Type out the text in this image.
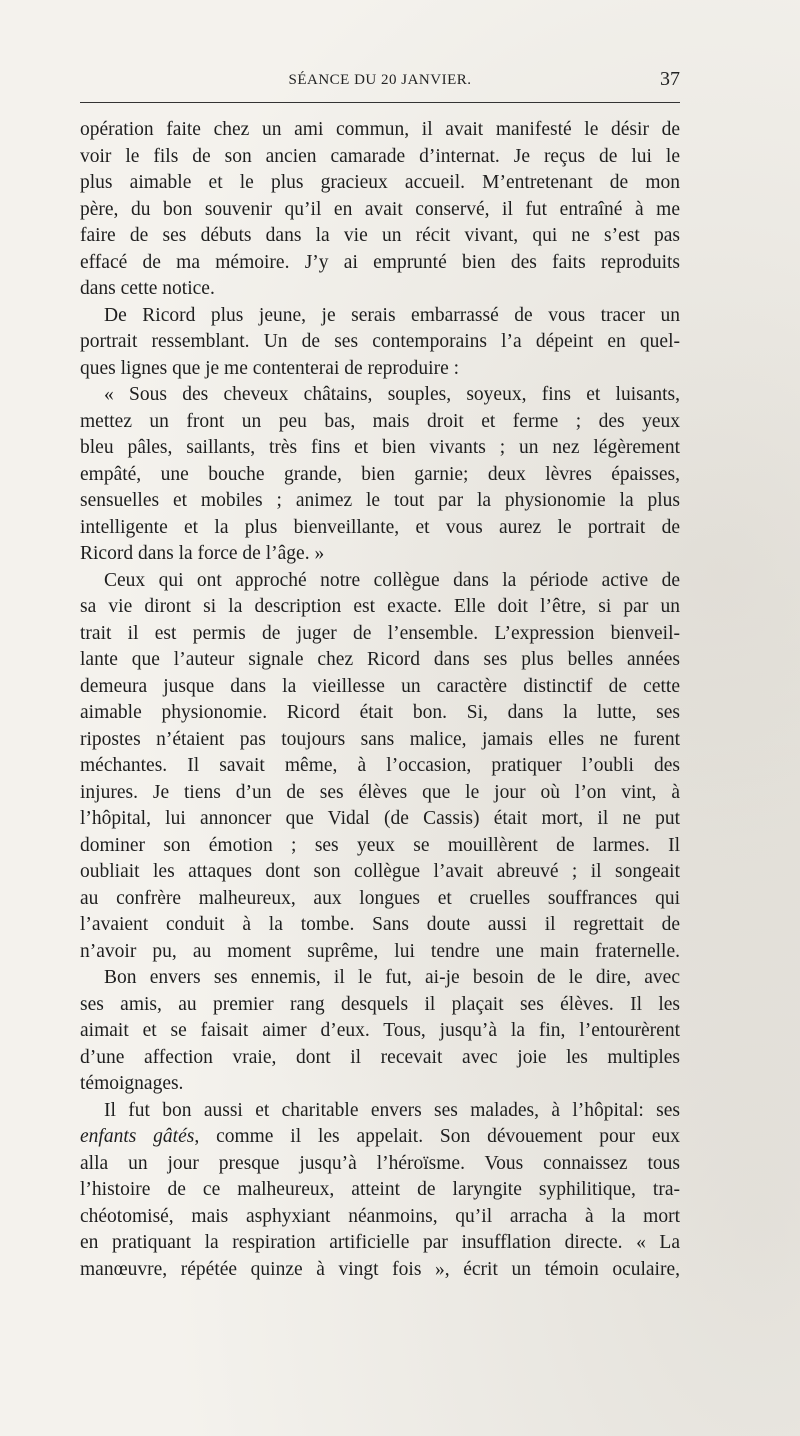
SÉANCE DU 20 JANVIER.	37
opération faite chez un ami commun, il avait manifesté le désir de
voir le fils de son ancien camarade d’internat. Je reçus de lui le
plus aimable et le plus gracieux accueil. M’entretenant de mon
père, du bon souvenir qu’il en avait conservé, il fut entraîné à me
faire de ses débuts dans la vie un récit vivant, qui ne s’est pas
effacé de ma mémoire. J’y ai emprunté bien des faits reproduits
dans cette notice.
De Ricord plus jeune, je serais embarrassé de vous tracer un
portrait ressemblant. Un de ses contemporains l’a dépeint en quel-
ques lignes que je me contenterai de reproduire :
« Sous des cheveux châtains, souples, soyeux, fins et luisants,
mettez un front un peu bas, mais droit et ferme ; des yeux
bleu pâles, saillants, très fins et bien vivants ; un nez légèrement
empâté, une bouche grande, bien garnie; deux lèvres épaisses,
sensuelles et mobiles ; animez le tout par la physionomie la plus
intelligente et la plus bienveillante, et vous aurez le portrait de
Ricord dans la force de l’âge. »
Ceux qui ont approché notre collègue dans la période active de
sa vie diront si la description est exacte. Elle doit l’être, si par un
trait il est permis de juger de l’ensemble. L’expression bienveil-
lante que l’auteur signale chez Ricord dans ses plus belles années
demeura jusque dans la vieillesse un caractère distinctif de cette
aimable physionomie. Ricord était bon. Si, dans la lutte, ses
ripostes n’étaient pas toujours sans malice, jamais elles ne furent
méchantes. Il savait même, à l’occasion, pratiquer l’oubli des
injures. Je tiens d’un de ses élèves que le jour où l’on vint, à
l’hôpital, lui annoncer que Vidal (de Cassis) était mort, il ne put
dominer son émotion ; ses yeux se mouillèrent de larmes. Il
oubliait les attaques dont son collègue l’avait abreuvé ; il songeait
au confrère malheureux, aux longues et cruelles souffrances qui
l’avaient conduit à la tombe. Sans doute aussi il regrettait de
n’avoir pu, au moment suprême, lui tendre une main fraternelle.
Bon envers ses ennemis, il le fut, ai-je besoin de le dire, avec
ses amis, au premier rang desquels il plaçait ses élèves. Il les
aimait et se faisait aimer d’eux. Tous, jusqu’à la fin, l’entourèrent
d’une affection vraie, dont il recevait avec joie les multiples
témoignages.
Il fut bon aussi et charitable envers ses malades, à l’hôpital: ses
enfants gâtés, comme il les appelait. Son dévouement pour eux
alla un jour presque jusqu’à l’héroïsme. Vous connaissez tous
l’histoire de ce malheureux, atteint de laryngite syphilitique, tra-
chéotomisé, mais asphyxiant néanmoins, qu’il arracha à la mort
en pratiquant la respiration artificielle par insufflation directe. « La
manœuvre, répétée quinze à vingt fois », écrit un témoin oculaire,
